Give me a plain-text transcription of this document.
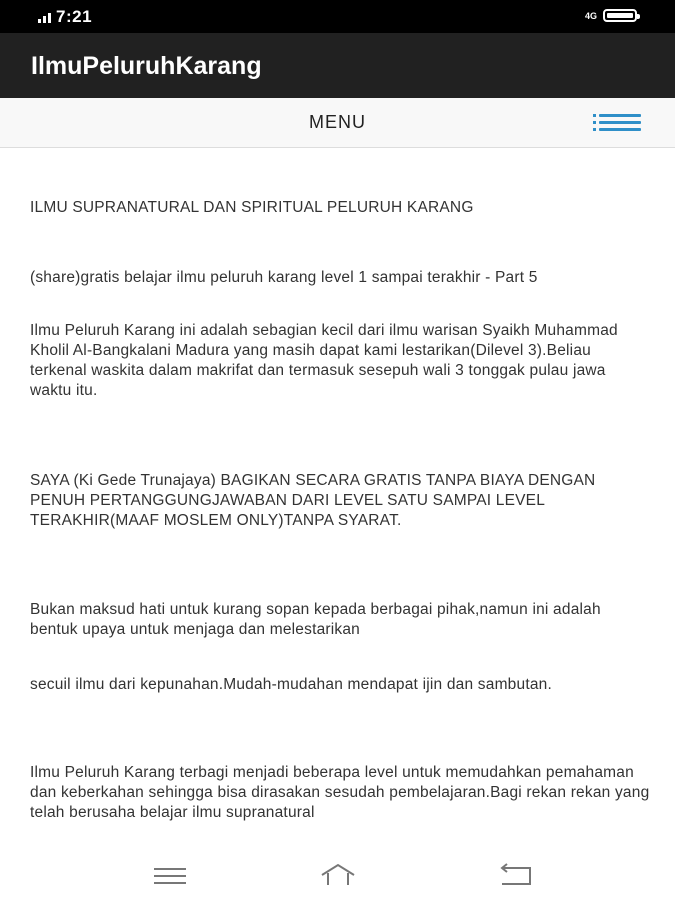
7:21	4G
IlmuPeluruhKarang
MENU

ILMU SUPRANATURAL DAN SPIRITUAL PELURUH KARANG

(share)gratis belajar ilmu peluruh karang level 1 sampai terakhir - Part 5

Ilmu Peluruh Karang ini adalah sebagian kecil dari ilmu warisan Syaikh Muhammad Kholil Al-Bangkalani Madura yang masih dapat kami lestarikan(Dilevel 3).Beliau terkenal waskita dalam makrifat dan termasuk sesepuh wali 3 tonggak pulau jawa waktu itu.

SAYA (Ki Gede Trunajaya) BAGIKAN SECARA GRATIS TANPA BIAYA DENGAN PENUH PERTANGGUNGJAWABAN DARI LEVEL SATU SAMPAI LEVEL TERAKHIR(MAAF MOSLEM ONLY)TANPA SYARAT.

Bukan maksud hati untuk kurang sopan kepada berbagai pihak,namun ini adalah bentuk upaya untuk menjaga dan melestarikan

secuil ilmu dari kepunahan.Mudah-mudahan mendapat ijin dan sambutan.

Ilmu Peluruh Karang terbagi menjadi beberapa level untuk memudahkan pemahaman dan keberkahan sehingga bisa dirasakan sesudah pembelajaran.Bagi rekan rekan yang telah berusaha belajar ilmu supranatural
